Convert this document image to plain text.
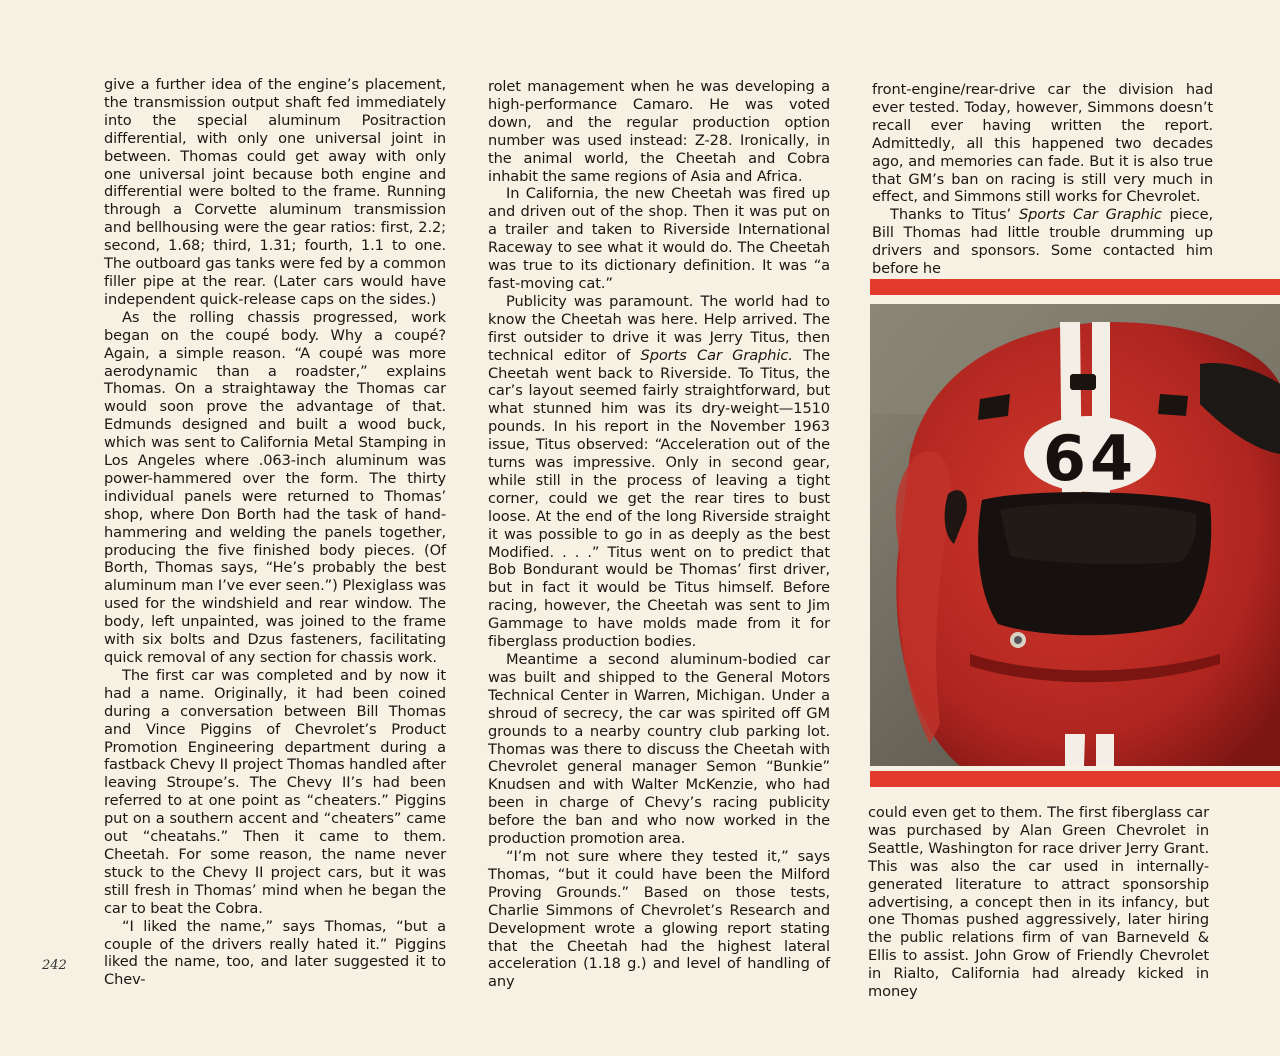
242

give a further idea of the engine’s placement, the transmission output shaft fed immediately into the special aluminum Positraction differential, with only one universal joint in between. Thomas could get away with only one universal joint because both engine and differential were bolted to the frame. Running through a Corvette aluminum transmission and bellhousing were the gear ratios: first, 2.2; second, 1.68; third, 1.31; fourth, 1.1 to one. The outboard gas tanks were fed by a common filler pipe at the rear. (Later cars would have independent quick-release caps on the sides.)

As the rolling chassis progressed, work began on the coupé body. Why a coupé? Again, a simple reason. “A coupé was more aerodynamic than a roadster,” explains Thomas. On a straightaway the Thomas car would soon prove the advantage of that. Edmunds designed and built a wood buck, which was sent to California Metal Stamping in Los Angeles where .063-inch aluminum was power-hammered over the form. The thirty individual panels were returned to Thomas’ shop, where Don Borth had the task of hand-hammering and welding the panels together, producing the five finished body pieces. (Of Borth, Thomas says, “He’s probably the best aluminum man I’ve ever seen.”) Plexiglass was used for the windshield and rear window. The body, left unpainted, was joined to the frame with six bolts and Dzus fasteners, facilitating quick removal of any section for chassis work.

The first car was completed and by now it had a name. Originally, it had been coined during a conversation between Bill Thomas and Vince Piggins of Chevrolet’s Product Promotion Engineering department during a fastback Chevy II project Thomas handled after leaving Stroupe’s. The Chevy II’s had been referred to at one point as “cheaters.” Piggins put on a southern accent and “cheaters” came out “cheatahs.” Then it came to them. Cheetah. For some reason, the name never stuck to the Chevy II project cars, but it was still fresh in Thomas’ mind when he began the car to beat the Cobra.

“I liked the name,” says Thomas, “but a couple of the drivers really hated it.” Piggins liked the name, too, and later suggested it to Chev-

rolet management when he was developing a high-performance Camaro. He was voted down, and the regular production option number was used instead: Z-28. Ironically, in the animal world, the Cheetah and Cobra inhabit the same regions of Asia and Africa.

In California, the new Cheetah was fired up and driven out of the shop. Then it was put on a trailer and taken to Riverside International Raceway to see what it would do. The Cheetah was true to its dictionary definition. It was “a fast-moving cat.”

Publicity was paramount. The world had to know the Cheetah was here. Help arrived. The first outsider to drive it was Jerry Titus, then technical editor of Sports Car Graphic. The Cheetah went back to Riverside. To Titus, the car’s layout seemed fairly straightforward, but what stunned him was its dry-weight—1510 pounds. In his report in the November 1963 issue, Titus observed: “Acceleration out of the turns was impressive. Only in second gear, while still in the process of leaving a tight corner, could we get the rear tires to bust loose. At the end of the long Riverside straight it was possible to go in as deeply as the best Modified. . . .” Titus went on to predict that Bob Bondurant would be Thomas’ first driver, but in fact it would be Titus himself. Before racing, however, the Cheetah was sent to Jim Gammage to have molds made from it for fiberglass production bodies.

Meantime a second aluminum-bodied car was built and shipped to the General Motors Technical Center in Warren, Michigan. Under a shroud of secrecy, the car was spirited off GM grounds to a nearby country club parking lot. Thomas was there to discuss the Cheetah with Chevrolet general manager Semon “Bunkie” Knudsen and with Walter McKenzie, who had been in charge of Chevy’s racing publicity before the ban and who now worked in the production promotion area.

“I’m not sure where they tested it,” says Thomas, “but it could have been the Milford Proving Grounds.” Based on those tests, Charlie Simmons of Chevrolet’s Research and Development wrote a glowing report stating that the Cheetah had the highest lateral acceleration (1.18 g.) and level of handling of any

front-engine/rear-drive car the division had ever tested. Today, however, Simmons doesn’t recall ever having written the report. Admittedly, all this happened two decades ago, and memories can fade. But it is also true that GM’s ban on racing is still very much in effect, and Simmons still works for Chevrolet.

Thanks to Titus’ Sports Car Graphic piece, Bill Thomas had little trouble drumming up drivers and sponsors. Some contacted him before he

64

could even get to them. The first fiberglass car was purchased by Alan Green Chevrolet in Seattle, Washington for race driver Jerry Grant. This was also the car used in internally-generated literature to attract sponsorship advertising, a concept then in its infancy, but one Thomas pushed aggressively, later hiring the public relations firm of van Barneveld & Ellis to assist. John Grow of Friendly Chevrolet in Rialto, California had already kicked in money
